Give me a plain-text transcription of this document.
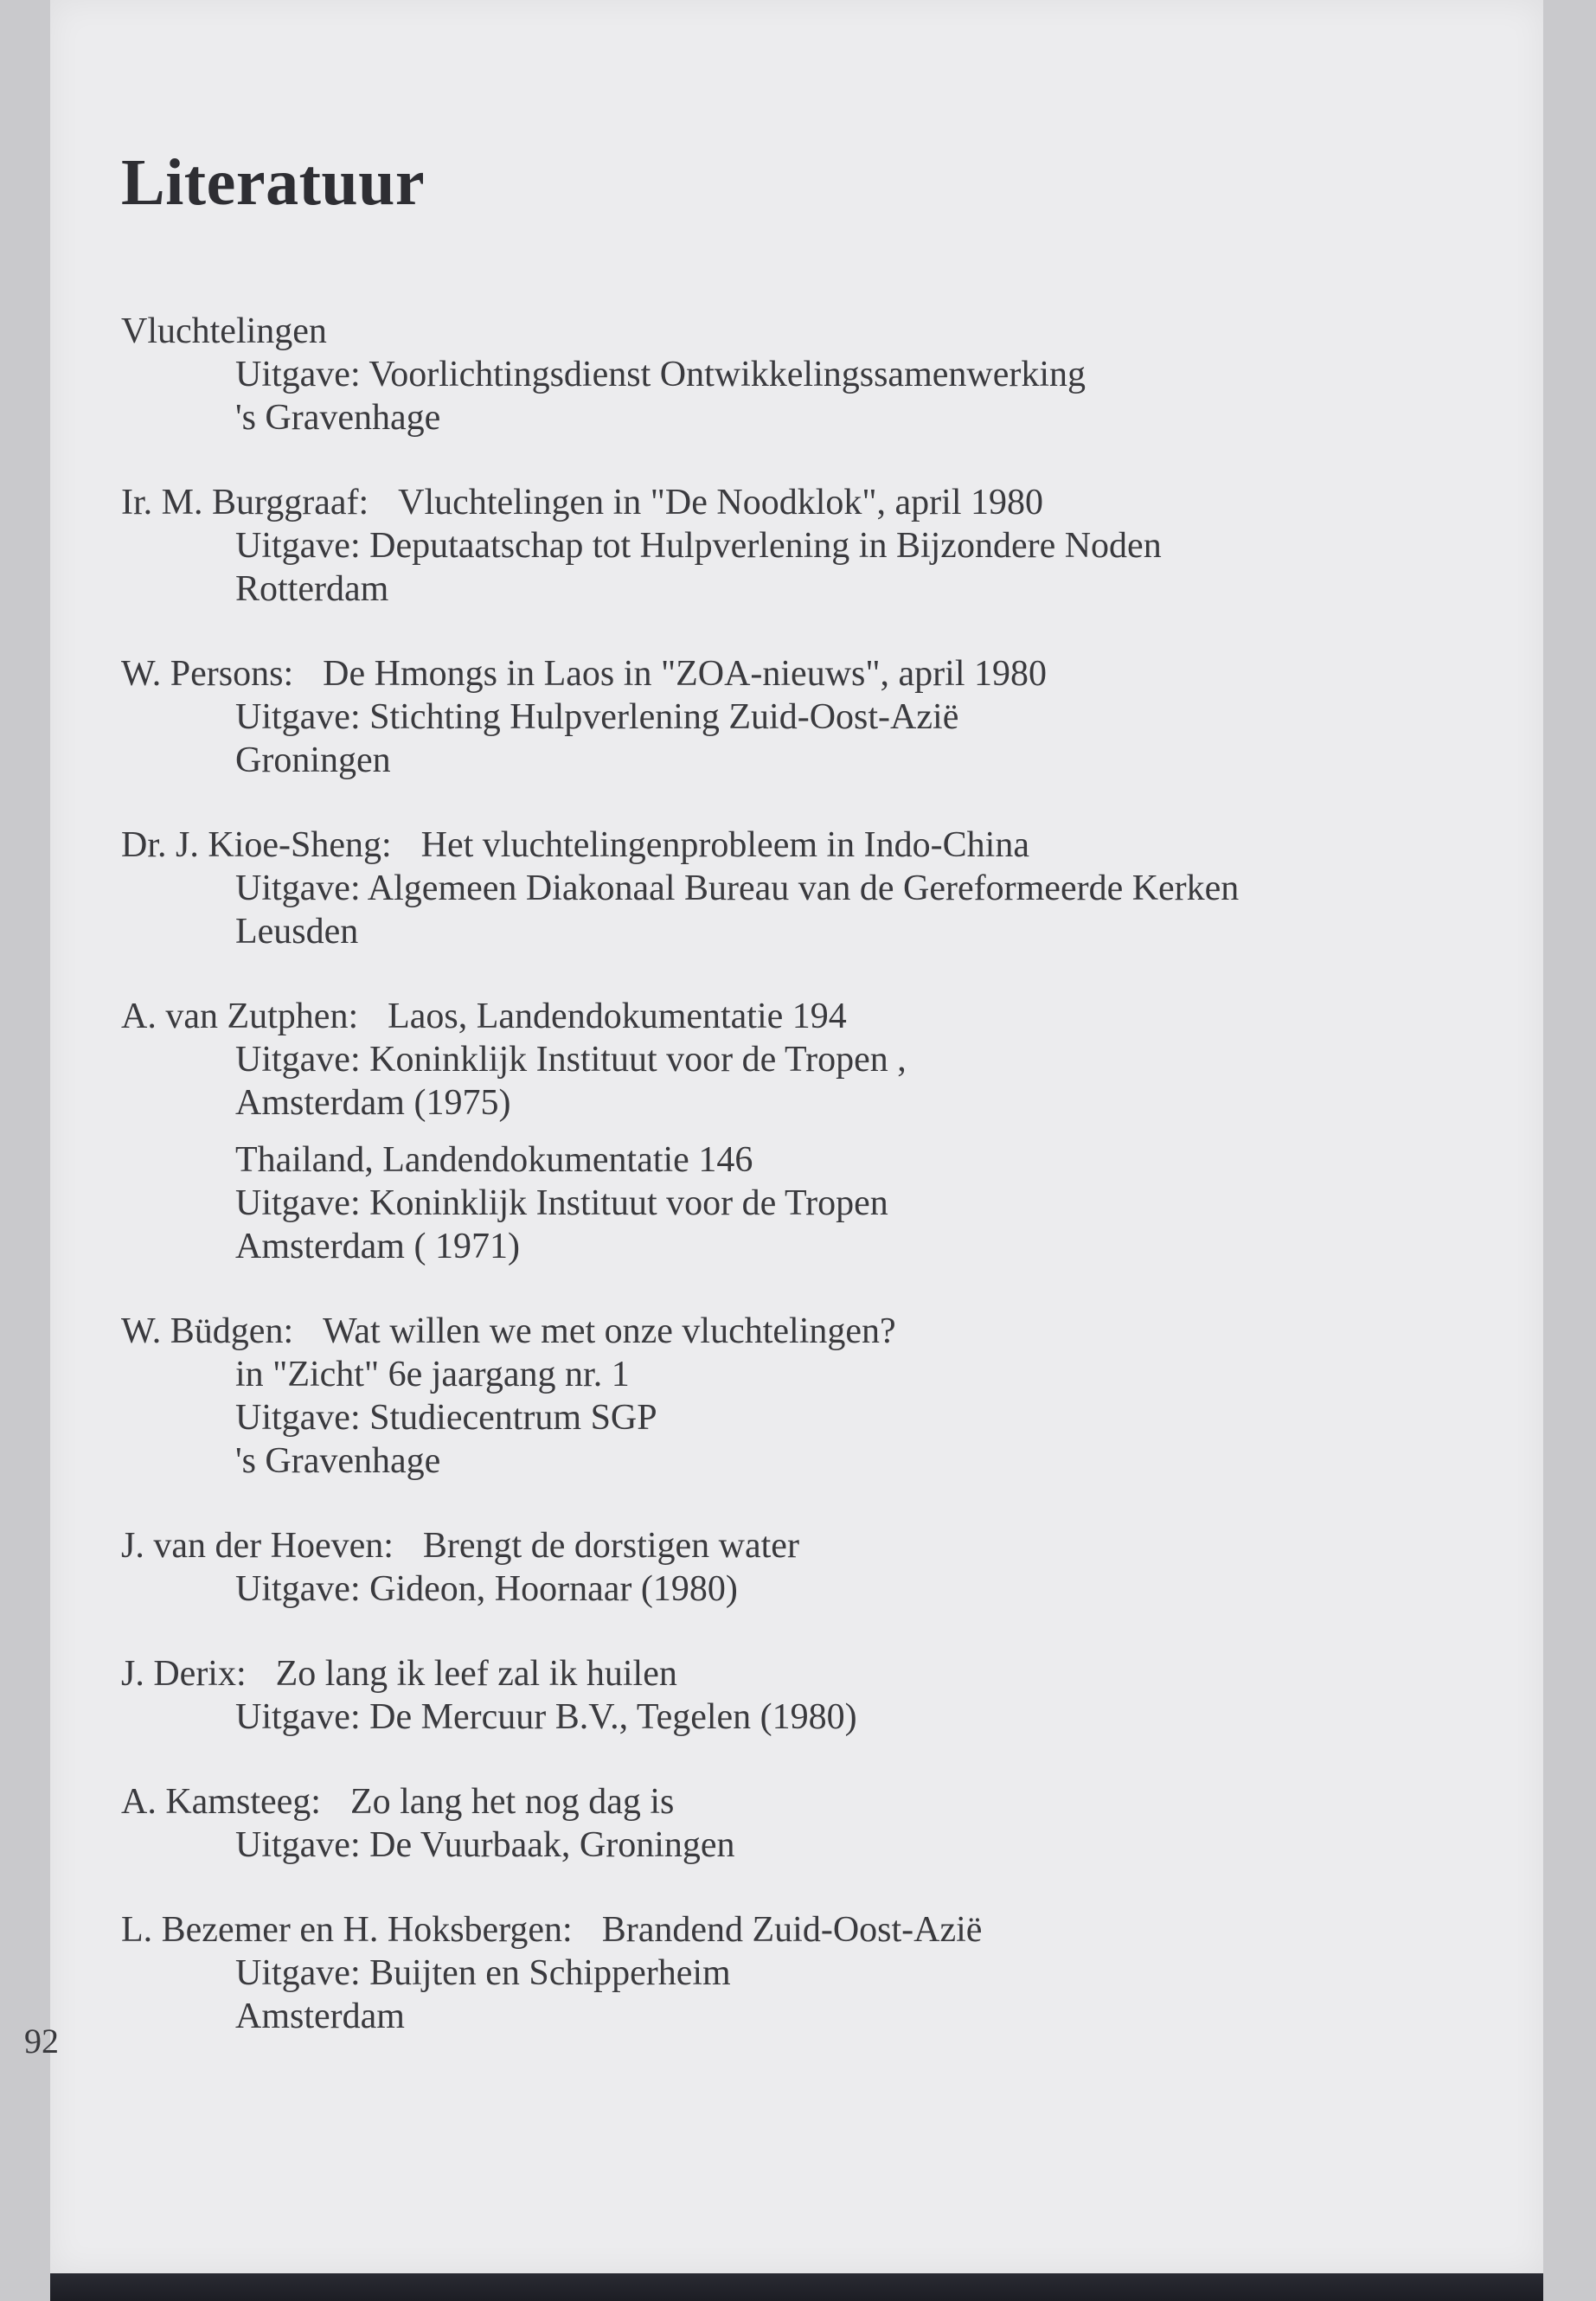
Literatuur
Vluchtelingen
Uitgave: Voorlichtingsdienst Ontwikkelingssamenwerking
's Gravenhage
Ir. M. Burggraaf: Vluchtelingen in "De Noodklok", april 1980
Uitgave: Deputaatschap tot Hulpverlening in Bijzondere Noden
Rotterdam
W. Persons: De Hmongs in Laos in "ZOA-nieuws", april 1980
Uitgave: Stichting Hulpverlening Zuid-Oost-Azië
Groningen
Dr. J. Kioe-Sheng: Het vluchtelingenprobleem in Indo-China
Uitgave: Algemeen Diakonaal Bureau van de Gereformeerde Kerken
Leusden
A. van Zutphen: Laos, Landendokumentatie 194
Uitgave: Koninklijk Instituut voor de Tropen ,
Amsterdam (1975)
Thailand, Landendokumentatie 146
Uitgave: Koninklijk Instituut voor de Tropen
Amsterdam ( 1971)
W. Büdgen: Wat willen we met onze vluchtelingen?
in "Zicht" 6e jaargang nr. 1
Uitgave: Studiecentrum SGP
's Gravenhage
J. van der Hoeven: Brengt de dorstigen water
Uitgave: Gideon, Hoornaar (1980)
J. Derix: Zo lang ik leef zal ik huilen
Uitgave: De Mercuur B.V., Tegelen (1980)
A. Kamsteeg: Zo lang het nog dag is
Uitgave: De Vuurbaak, Groningen
L. Bezemer en H. Hoksbergen: Brandend Zuid-Oost-Azië
Uitgave: Buijten en Schipperheim
Amsterdam
92
